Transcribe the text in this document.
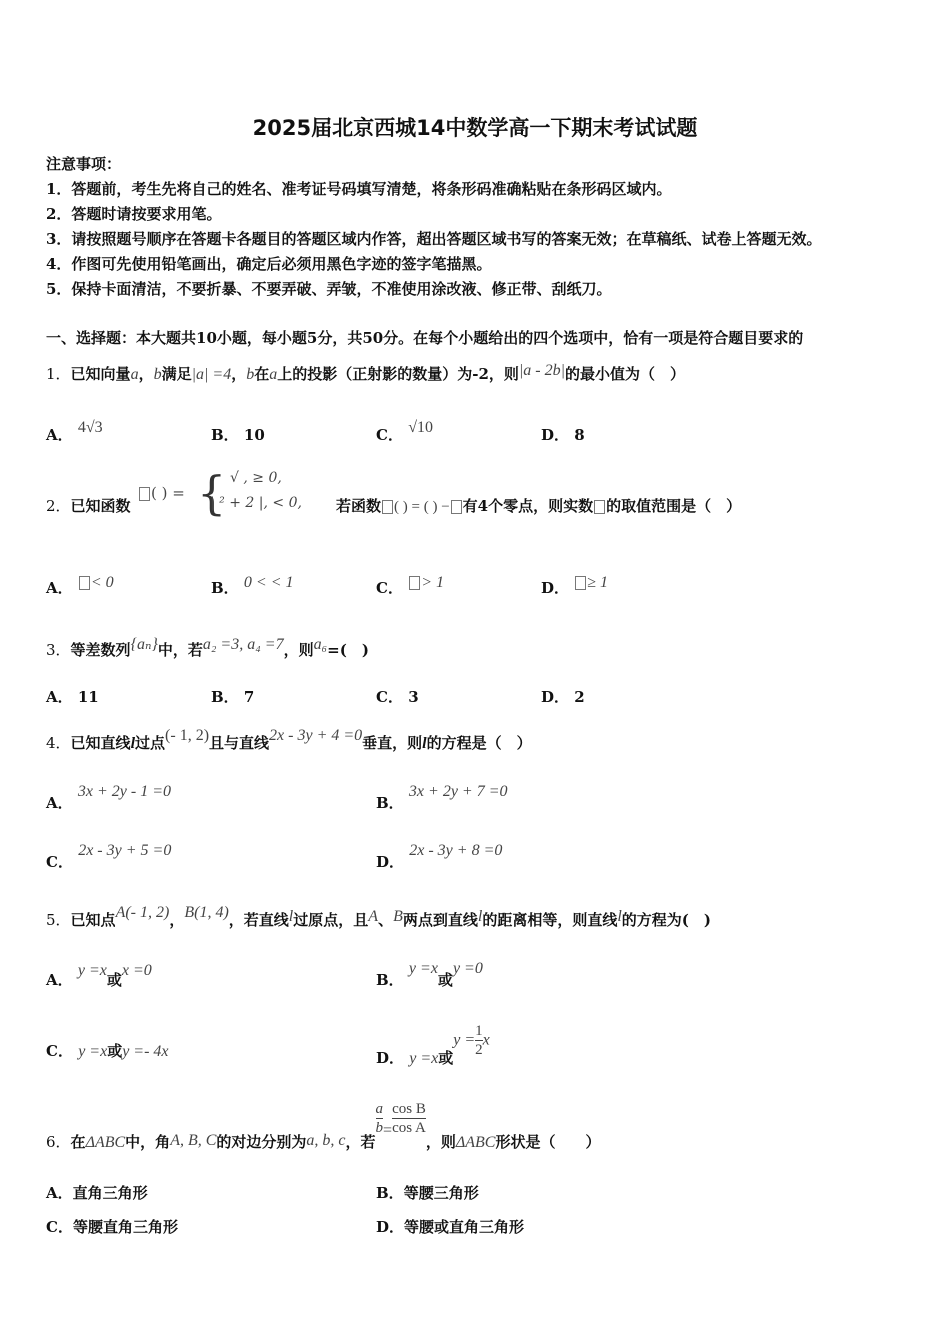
2025届北京西城14中数学高一下期末考试试题
注意事项：
1．答题前，考生先将自己的姓名、准考证号码填写清楚，将条形码准确粘贴在条形码区域内。
2．答题时请按要求用笔。
3．请按照题号顺序在答题卡各题目的答题区域内作答，超出答题区域书写的答案无效；在草稿纸、试卷上答题无效。
4．作图可先使用铅笔画出，确定后必须用黑色字迹的签字笔描黑。
5．保持卡面清洁，不要折暴、不要弄破、弄皱，不准使用涂改液、修正带、刮纸刀。
一、选择题：本大题共10小题，每小题5分，共50分。在每个小题给出的四个选项中，恰有一项是符合题目要求的
1．已知向量a，b满足|a| =4，b在a上的投影（正射影的数量）为-2，则|a - 2b|的最小值为（　）
A． 4√3	B． 10	C． √10	D． 8
2．已知函数
( ) = { √ , ≥ 0,
| ² + 2 |, < 0, 若函数 ( ) = ( ) − 有4个零点，则实数 的取值范围是（　）
A． < 0	B． 0 < < 1	C． > 1	D． ≥ 1
3．等差数列{aₙ}中，若a₂ =3, a₄ =7，则a₆=(　)
A． 11	B． 7	C． 3	D． 2
4．已知直线l过点(- 1, 2)且与直线2x - 3y + 4 =0垂直，则l的方程是（　）
A． 3x + 2y - 1 =0
B． 3x + 2y + 7 =0
C． 2x - 3y + 5 =0
D． 2x - 3y + 8 =0
5．已知点A(- 1, 2)，B(1, 4)，若直线l过原点，且A、B两点到直线l的距离相等，则直线l的方程为(　)
A． y =x或x =0
B． y =x或y =0
C． y =x或y =- 4x	D． y =x或$y = \frac{1}{2}$ x
6．在ΔABC中，角A, B, C的对边分别为a, b, c，若
$\frac{a}{b} = \frac{\text{cos B}}{\text{cos A}}$
，则ΔABC形状是（　　）
A．直角三角形	B．等腰三角形
C．等腰直角三角形	D．等腰或直角三角形
